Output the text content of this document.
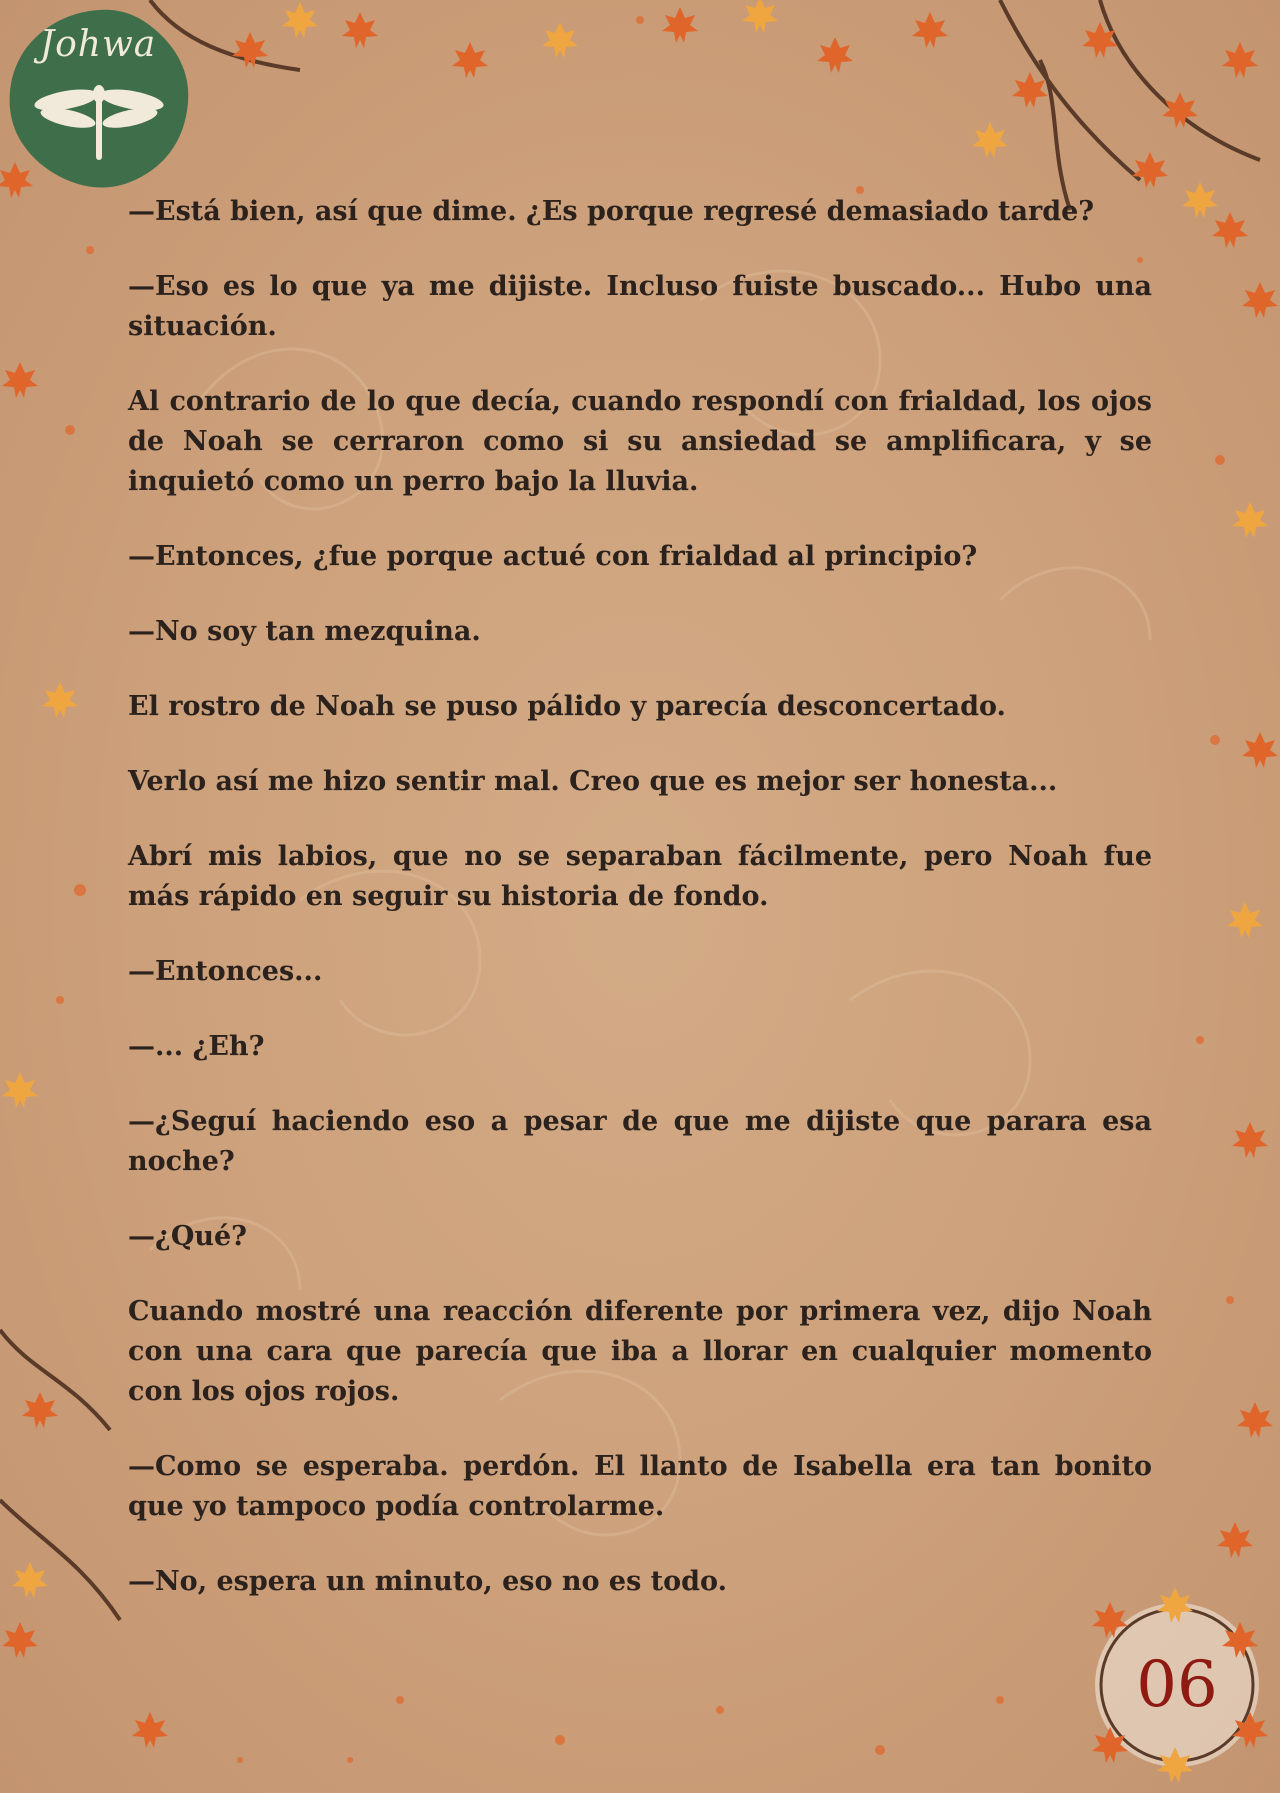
Johwa

—Está bien, así que dime. ¿Es porque regresé demasiado tarde?

—Eso es lo que ya me dijiste. Incluso fuiste buscado... Hubo una situación.

Al contrario de lo que decía, cuando respondí con frialdad, los ojos de Noah se cerraron como si su ansiedad se amplificara, y se inquietó como un perro bajo la lluvia.

—Entonces, ¿fue porque actué con frialdad al principio?

—No soy tan mezquina.

El rostro de Noah se puso pálido y parecía desconcertado.

Verlo así me hizo sentir mal. Creo que es mejor ser honesta...

Abrí mis labios, que no se separaban fácilmente, pero Noah fue más rápido en seguir su historia de fondo.

—Entonces...

—... ¿Eh?

—¿Seguí haciendo eso a pesar de que me dijiste que parara esa noche?

—¿Qué?

Cuando mostré una reacción diferente por primera vez, dijo Noah con una cara que parecía que iba a llorar en cualquier momento con los ojos rojos.

—Como se esperaba. perdón. El llanto de Isabella era tan bonito que yo tampoco podía controlarme.

—No, espera un minuto, eso no es todo.

06
